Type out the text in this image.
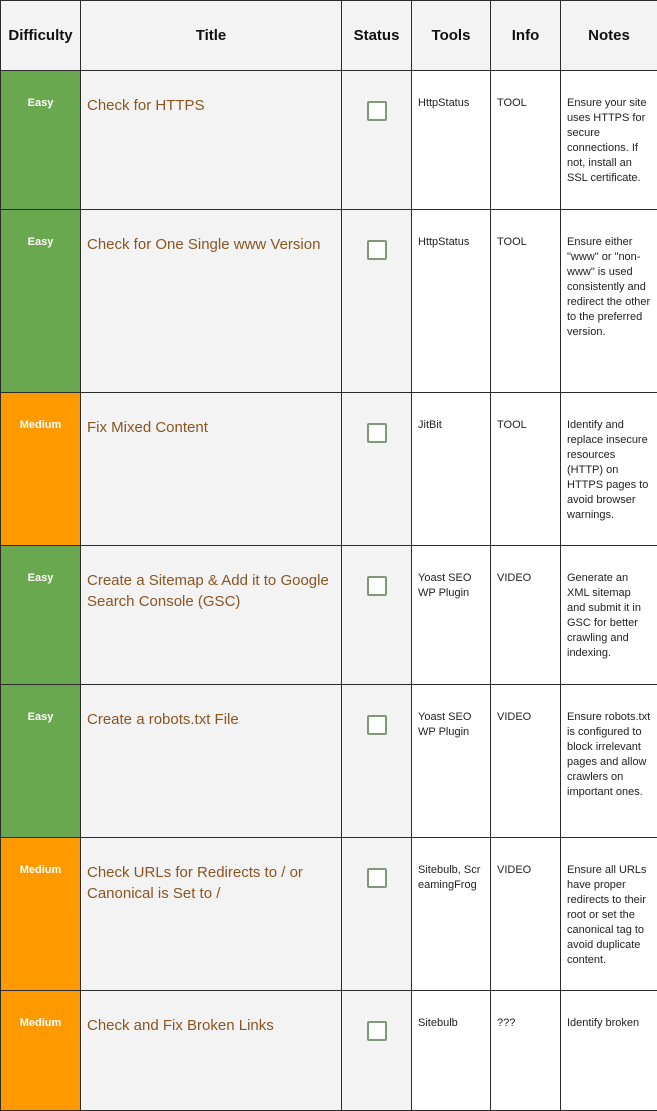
Difficulty	Title	Status	Tools	Info	Notes
Easy	Check for HTTPS		HttpStatus	TOOL	Ensure your site uses HTTPS for secure connections. If not, install an SSL certificate.
Easy	Check for One Single www Version		HttpStatus	TOOL	Ensure either "www" or "non-www" is used consistently and redirect the other to the preferred version.
Medium	Fix Mixed Content		JitBit	TOOL	Identify and replace insecure resources (HTTP) on HTTPS pages to avoid browser warnings.
Easy	Create a Sitemap & Add it to Google Search Console (GSC)		Yoast SEO WP Plugin	VIDEO	Generate an XML sitemap and submit it in GSC for better crawling and indexing.
Easy	Create a robots.txt File		Yoast SEO WP Plugin	VIDEO	Ensure robots.txt is configured to block irrelevant pages and allow crawlers on important ones.
Medium	Check URLs for Redirects to / or Canonical is Set to /		Sitebulb, ScreamingFrog	VIDEO	Ensure all URLs have proper redirects to their root or set the canonical tag to avoid duplicate content.
Medium	Check and Fix Broken Links		Sitebulb	???	Identify broken
